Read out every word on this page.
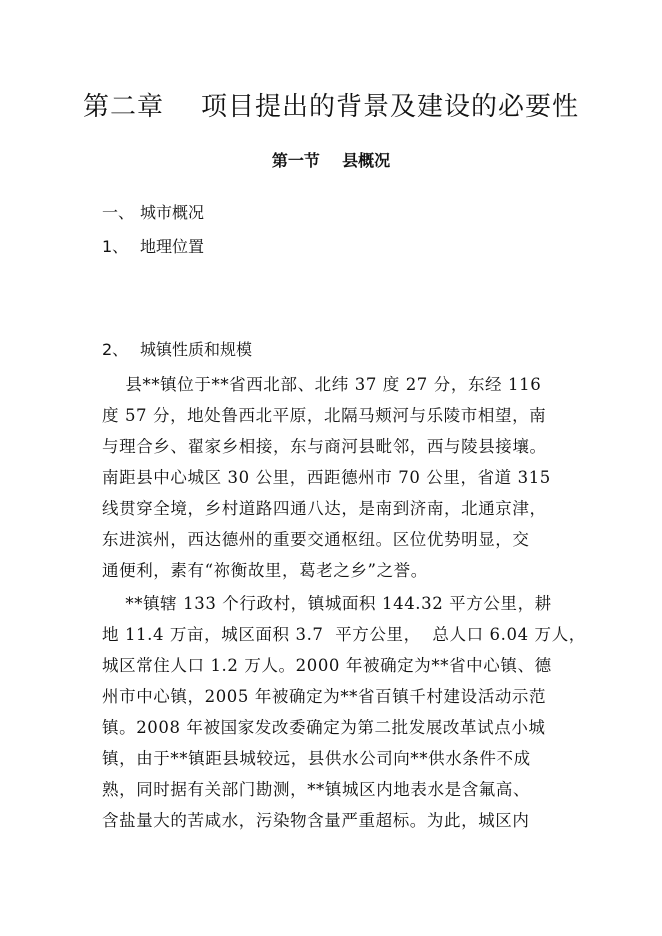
第二章    项目提出的背景及建设的必要性
第一节    县概况
一、 城市概况
1、 地理位置
2、 城镇性质和规模
县**镇位于**省西北部、北纬 37 度 27 分，东经 116
度 57 分，地处鲁西北平原，北隔马颊河与乐陵市相望，南
与理合乡、翟家乡相接，东与商河县毗邻，西与陵县接壤。
南距县中心城区 30 公里，西距德州市 70 公里，省道 315
线贯穿全境，乡村道路四通八达，是南到济南，北通京津，
东进滨州，西达德州的重要交通枢纽。区位优势明显，交
通便利，素有“祢衡故里，葛老之乡”之誉。
**镇辖 133 个行政村，镇城面积 144.32 平方公里，耕
地 11.4 万亩，城区面积 3.7  平方公里，  总人口 6.04 万人，
城区常住人口 1.2 万人。2000 年被确定为**省中心镇、德
州市中心镇，2005 年被确定为**省百镇千村建设活动示范
镇。2008 年被国家发改委确定为第二批发展改革试点小城
镇，由于**镇距县城较远，县供水公司向**供水条件不成
熟，同时据有关部门勘测，**镇城区内地表水是含氟高、
含盐量大的苦咸水，污染物含量严重超标。为此，城区内
